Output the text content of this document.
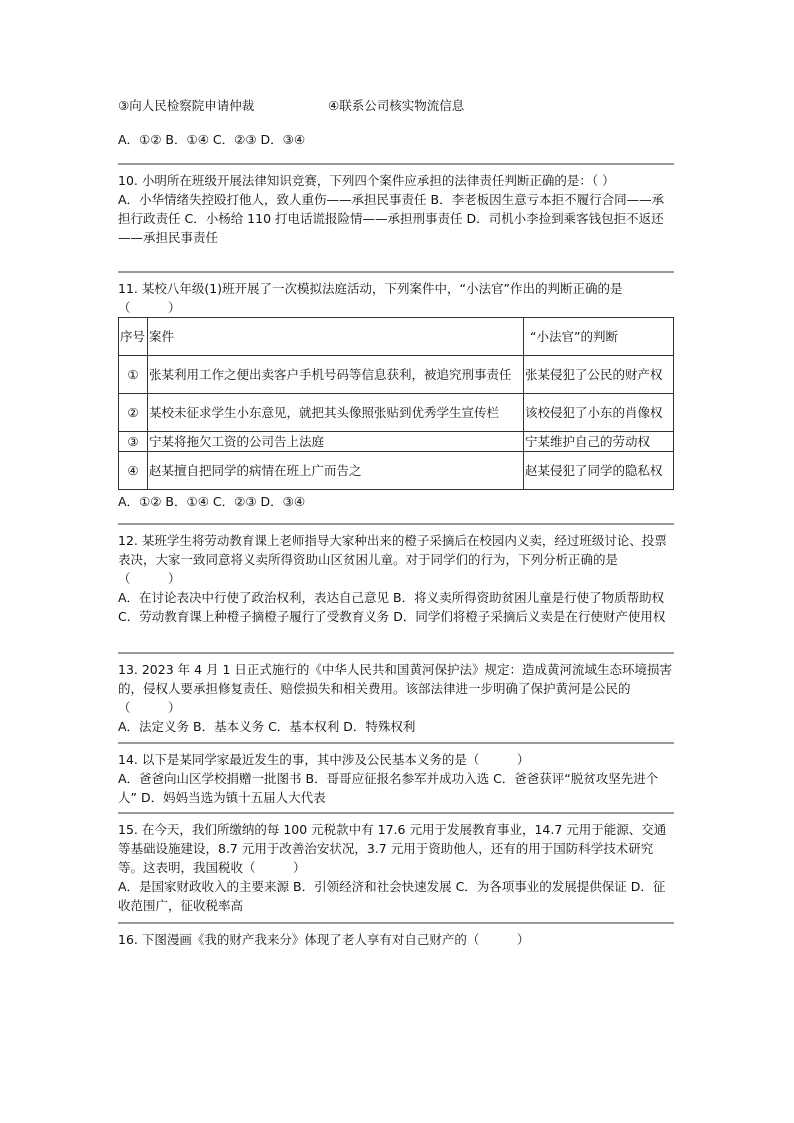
③向人民检察院申请仲裁	④联系公司核实物流信息
A．①② B．①④ C．②③ D．③④
10. 小明所在班级开展法律知识竞赛，下列四个案件应承担的法律责任判断正确的是：（ ）
A．小华情绪失控殴打他人，致人重伤——承担民事责任 B．李老板因生意亏本拒不履行合同——承担行政责任 C．小杨给 110 打电话谎报险情——承担刑事责任 D．司机小李捡到乘客钱包拒不返还——承担民事责任
11. 某校八年级(1)班开展了一次模拟法庭活动，下列案件中，“小法官”作出的判断正确的是（　　　）
序号	案件	“小法官”的判断
①	张某利用工作之便出卖客户手机号码等信息获利，被追究刑事责任	张某侵犯了公民的财产权
②	某校未征求学生小东意见，就把其头像照张贴到优秀学生宣传栏	该校侵犯了小东的肖像权
③	宁某将拖欠工资的公司告上法庭	宁某维护自己的劳动权
④	赵某擅自把同学的病情在班上广而告之	赵某侵犯了同学的隐私权
A．①② B．①④ C．②③ D．③④
12. 某班学生将劳动教育课上老师指导大家种出来的橙子采摘后在校园内义卖，经过班级讨论、投票表决，大家一致同意将义卖所得资助山区贫困儿童。对于同学们的行为，下列分析正确的是（　　　）
A．在讨论表决中行使了政治权利，表达自己意见 B．将义卖所得资助贫困儿童是行使了物质帮助权 C．劳动教育课上种橙子摘橙子履行了受教育义务 D．同学们将橙子采摘后义卖是在行使财产使用权
13. 2023 年 4 月 1 日正式施行的《中华人民共和国黄河保护法》规定：造成黄河流域生态环境损害的，侵权人要承担修复责任、赔偿损失和相关费用。该部法律进一步明确了保护黄河是公民的（　　　）
A．法定义务 B．基本义务 C．基本权利 D．特殊权利
14. 以下是某同学家最近发生的事，其中涉及公民基本义务的是（　　　）
A．爸爸向山区学校捐赠一批图书 B．哥哥应征报名参军并成功入选 C．爸爸获评“脱贫攻坚先进个人” D．妈妈当选为镇十五届人大代表
15. 在今天，我们所缴纳的每 100 元税款中有 17.6 元用于发展教育事业，14.7 元用于能源、交通等基础设施建设，8.7 元用于改善治安状况，3.7 元用于资助他人，还有的用于国防科学技术研究等。这表明，我国税收（　　　）
A．是国家财政收入的主要来源 B．引领经济和社会快速发展 C．为各项事业的发展提供保证 D．征收范围广，征收税率高
16. 下图漫画《我的财产我来分》体现了老人享有对自己财产的（　　　）
